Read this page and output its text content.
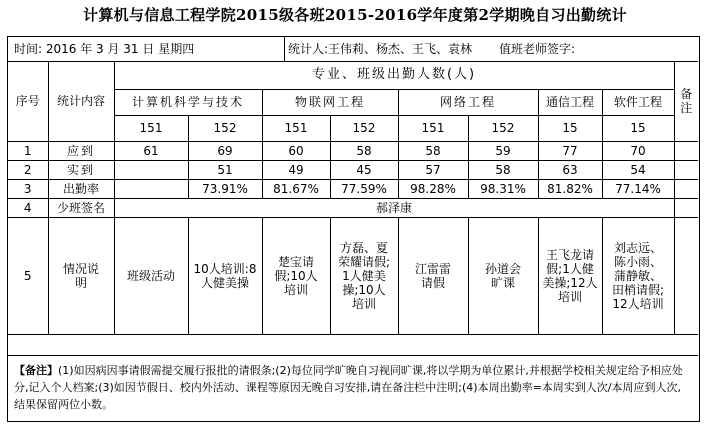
计算机与信息工程学院2015级各班2015-2016学年度第2学期晚自习出勤统计
时间: 2016 年 3 月 31 日 星期四	统计人:王伟莉、杨杰、王飞、袁林 值班老师签字:
序号	统计内容	专业、班级出勤人数(人)								备注
		计算机科学与技术		物联网工程		网络工程		通信工程	软件工程	
		151	152	151	152	151	152	15	15	
1	应到	61	69	60	58	58	59	77	70	
2	实到		51	49	45	57	58	63	54	
3	出勤率		73.91%	81.67%	77.59%	98.28%	98.31%	81.82%	77.14%	
4	少班签名	郝泽康								
5	情况说明	班级活动	10人培训:8人健美操	楚宝请假;10人培训	方磊、夏荣耀请假;1人健美操;10人培训	江雷雷请假	孙道会旷课	王飞龙请假;1人健美操;12人培训	刘志远、陈小雨、蒲静敏、田梢请假;12人培训	
【备注】(1)如因病因事请假需提交履行报批的请假条;(2)每位同学旷晚自习视同旷课,将以学期为单位累计,并根据学校相关规定给予相应处分,记入个人档案;(3)如因节假日、校内外活动、课程等原因无晚自习安排,请在备注栏中注明;(4)本周出勤率=本周实到人次/本周应到人次,结果保留两位小数。
